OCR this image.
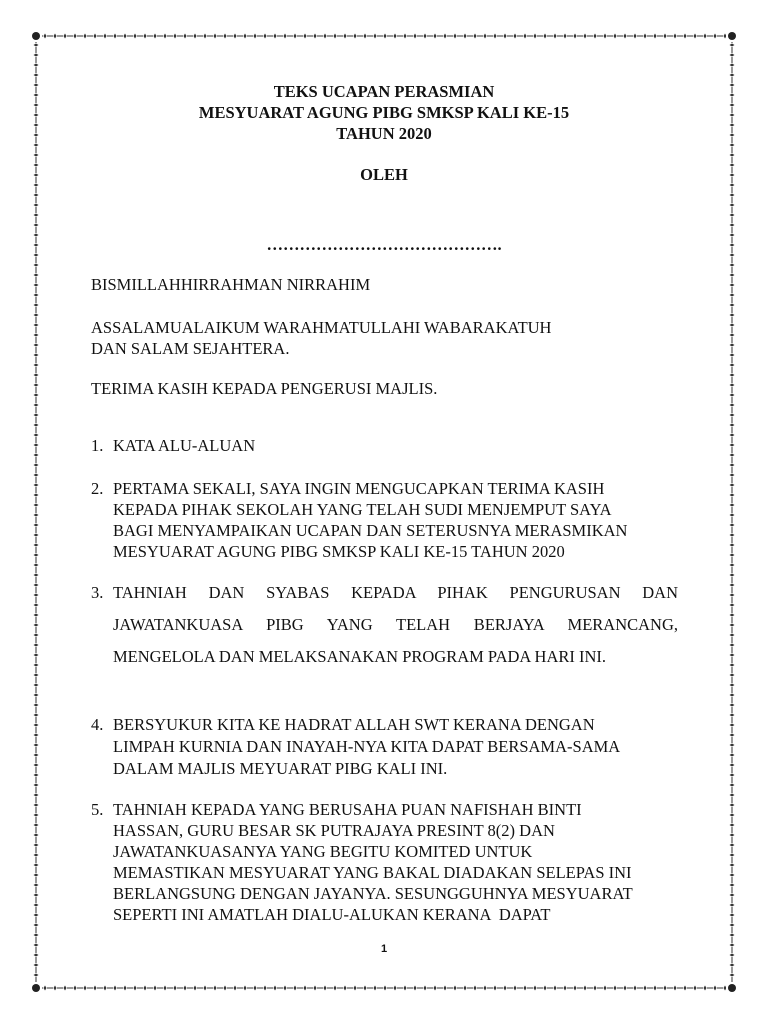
TEKS UCAPAN PERASMIAN
MESYUARAT AGUNG PIBG SMKSP KALI KE-15
TAHUN 2020
OLEH
…………………………………….
BISMILLAHHIRRAHMAN NIRRAHIM
ASSALAMUALAIKUM WARAHMATULLAHI WABARAKATUH
DAN SALAM SEJAHTERA.
TERIMA KASIH KEPADA PENGERUSI MAJLIS.
1. KATA ALU-ALUAN
2. PERTAMA SEKALI, SAYA INGIN MENGUCAPKAN TERIMA KASIH
KEPADA PIHAK SEKOLAH YANG TELAH SUDI MENJEMPUT SAYA
BAGI MENYAMPAIKAN UCAPAN DAN SETERUSNYA MERASMIKAN
MESYUARAT AGUNG PIBG SMKSP KALI KE-15 TAHUN 2020
3. TAHNIAH DAN SYABAS KEPADA PIHAK PENGURUSAN DAN
JAWATANKUASA PIBG YANG TELAH BERJAYA MERANCANG,
MENGELOLA DAN MELAKSANAKAN PROGRAM PADA HARI INI.
4. BERSYUKUR KITA KE HADRAT ALLAH SWT KERANA DENGAN
LIMPAH KURNIA DAN INAYAH-NYA KITA DAPAT BERSAMA-SAMA
DALAM MAJLIS MEYUARAT PIBG KALI INI.
5. TAHNIAH KEPADA YANG BERUSAHA PUAN NAFISHAH BINTI
HASSAN, GURU BESAR SK PUTRAJAYA PRESINT 8(2) DAN
JAWATANKUASANYA YANG BEGITU KOMITED UNTUK
MEMASTIKAN MESYUARAT YANG BAKAL DIADAKAN SELEPAS INI
BERLANGSUNG DENGAN JAYANYA. SESUNGGUHNYA MESYUARAT
SEPERTI INI AMATLAH DIALU-ALUKAN KERANA  DAPAT
1
